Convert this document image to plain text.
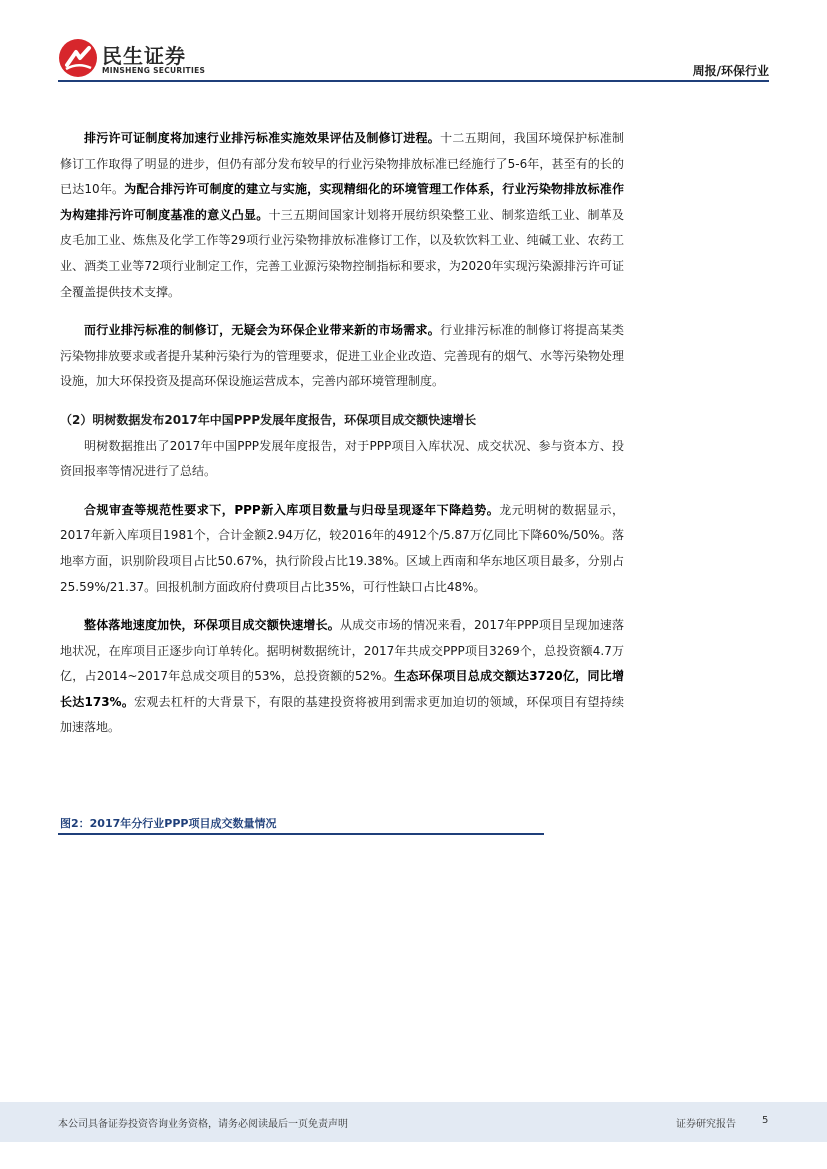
民生证券
MINSHENG SECURITIES	周报/环保行业

排污许可证制度将加速行业排污标准实施效果评估及制修订进程。十二五期间，我国环境保护标准制修订工作取得了明显的进步，但仍有部分发布较早的行业污染物排放标准已经施行了5-6年，甚至有的长的已达10年。为配合排污许可制度的建立与实施，实现精细化的环境管理工作体系，行业污染物排放标准作为构建排污许可制度基准的意义凸显。十三五期间国家计划将开展纺织染整工业、制浆造纸工业、制革及皮毛加工业、炼焦及化学工作等29项行业污染物排放标准修订工作，以及软饮料工业、纯碱工业、农药工业、酒类工业等72项行业制定工作，完善工业源污染物控制指标和要求，为2020年实现污染源排污许可证全覆盖提供技术支撑。

而行业排污标准的制修订，无疑会为环保企业带来新的市场需求。行业排污标准的制修订将提高某类污染物排放要求或者提升某种污染行为的管理要求，促进工业企业改造、完善现有的烟气、水等污染物处理设施，加大环保投资及提高环保设施运营成本，完善内部环境管理制度。

（2）明树数据发布2017年中国PPP发展年度报告，环保项目成交额快速增长

明树数据推出了2017年中国PPP发展年度报告，对于PPP项目入库状况、成交状况、参与资本方、投资回报率等情况进行了总结。

合规审查等规范性要求下，PPP新入库项目数量与归母呈现逐年下降趋势。龙元明树的数据显示，2017年新入库项目1981个，合计金额2.94万亿，较2016年的4912个/5.87万亿同比下降60%/50%。落地率方面，识别阶段项目占比50.67%，执行阶段占比19.38%。区域上西南和华东地区项目最多，分别占25.59%/21.37。回报机制方面政府付费项目占比35%，可行性缺口占比48%。

整体落地速度加快，环保项目成交额快速增长。从成交市场的情况来看，2017年PPP项目呈现加速落地状况，在库项目正逐步向订单转化。据明树数据统计，2017年共成交PPP项目3269个，总投资额4.7万亿，占2014~2017年总成交项目的53%，总投资额的52%。生态环保项目总成交额达3720亿，同比增长达173%。宏观去杠杆的大背景下，有限的基建投资将被用到需求更加迫切的领域，环保项目有望持续加速落地。

图2：2017年分行业PPP项目成交数量情况
本公司具备证券投资咨询业务资格，请务必阅读最后一页免责声明	证券研究报告	5
